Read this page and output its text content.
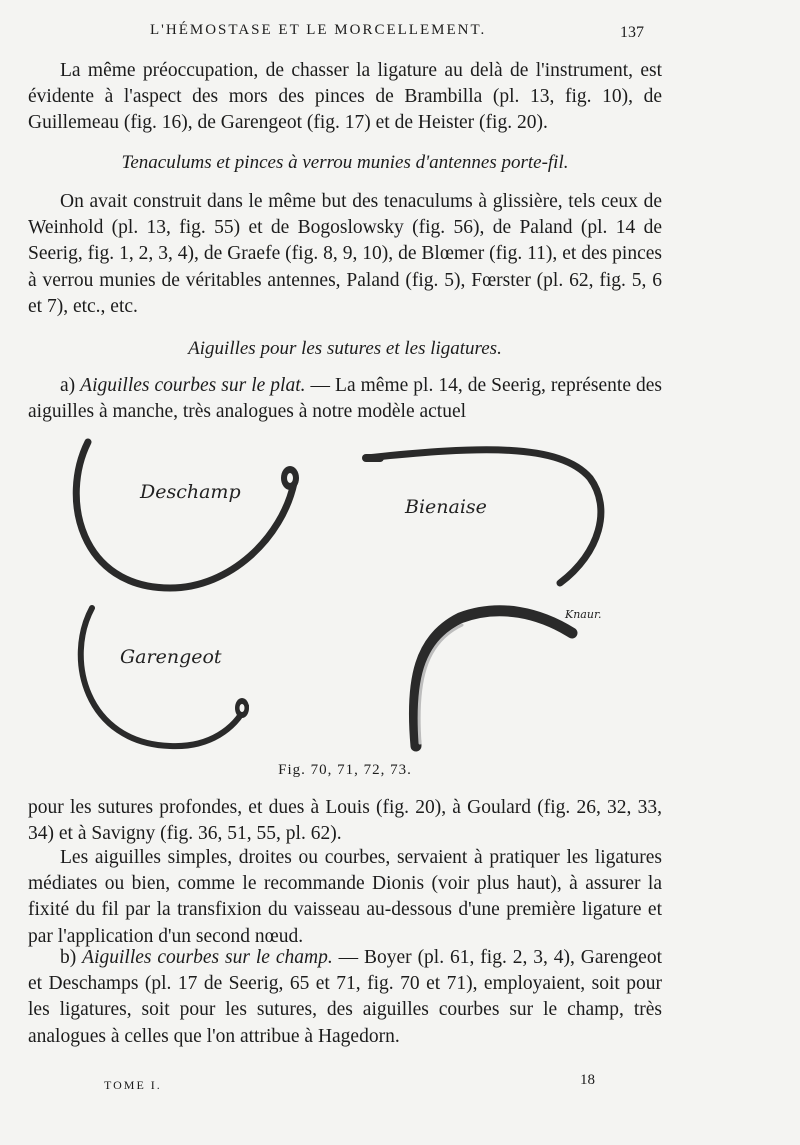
L'HÉMOSTASE ET LE MORCELLEMENT.	137

La même préoccupation, de chasser la ligature au delà de l'instrument, est évidente à l'aspect des mors des pinces de Brambilla (pl. 13, fig. 10), de Guillemeau (fig. 16), de Garengeot (fig. 17) et de Heister (fig. 20).

Tenaculums et pinces à verrou munies d'antennes porte-fil.

On avait construit dans le même but des tenaculums à glissière, tels ceux de Weinhold (pl. 13, fig. 55) et de Bogoslowsky (fig. 56), de Paland (pl. 14 de Seerig, fig. 1, 2, 3, 4), de Graefe (fig. 8, 9, 10), de Blœmer (fig. 11), et des pinces à verrou munies de véritables antennes, Paland (fig. 5), Fœrster (pl. 62, fig. 5, 6 et 7), etc., etc.

Aiguilles pour les sutures et les ligatures.

a) Aiguilles courbes sur le plat. — La même pl. 14, de Seerig, représente des aiguilles à manche, très analogues à notre modèle actuel

Deschamp
Bienaise
Garengeot
Knaur.
Fig. 70, 71, 72, 73.

pour les sutures profondes, et dues à Louis (fig. 20), à Goulard (fig. 26, 32, 33, 34) et à Savigny (fig. 36, 51, 55, pl. 62).

Les aiguilles simples, droites ou courbes, servaient à pratiquer les ligatures médiates ou bien, comme le recommande Dionis (voir plus haut), à assurer la fixité du fil par la transfixion du vaisseau au-dessous d'une première ligature et par l'application d'un second nœud.

b) Aiguilles courbes sur le champ. — Boyer (pl. 61, fig. 2, 3, 4), Garengeot et Deschamps (pl. 17 de Seerig, 65 et 71, fig. 70 et 71), employaient, soit pour les ligatures, soit pour les sutures, des aiguilles courbes sur le champ, très analogues à celles que l'on attribue à Hagedorn.

TOME I.	18
